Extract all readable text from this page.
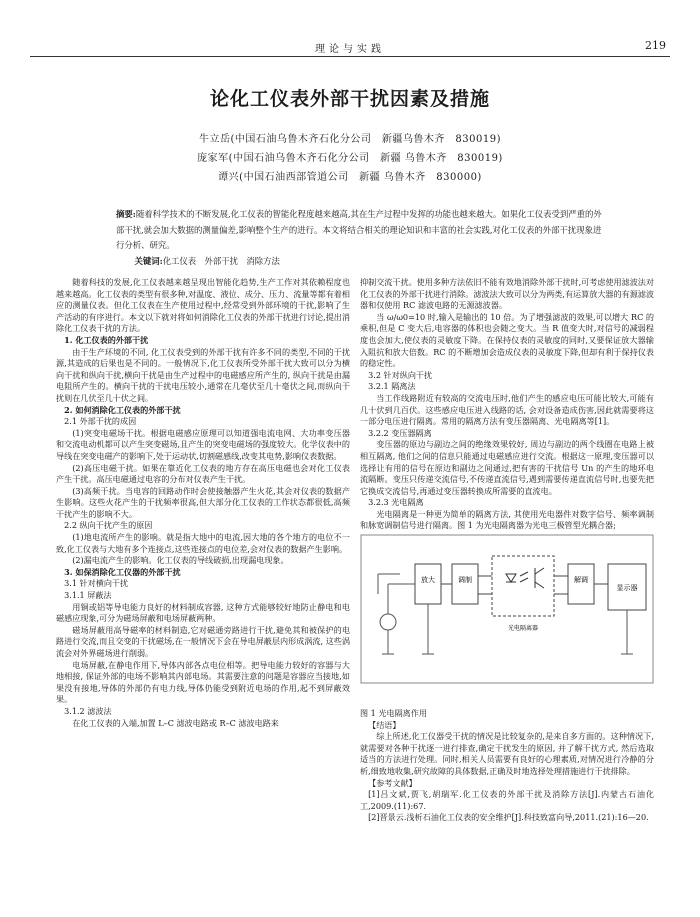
理论与实践	219
论化工仪表外部干扰因素及措施
牛立岳(中国石油乌鲁木齐石化分公司　新疆乌鲁木齐　830019)
庞家军(中国石油乌鲁木齐石化分公司　新疆 乌鲁木齐　830019)
谭兴(中国石油西部管道公司　新疆 乌鲁木齐　830000)
摘要:随着科学技术的不断发展,化工仪表的智能化程度越来越高,其在生产过程中发挥的功能也越来越大。如果化工仪表受到严重的外部干扰,就会加大数据的测量偏差,影响整个生产的进行。本文将结合相关的理论知识和丰富的社会实践,对化工仪表的外部干扰现象进行分析、研究。
关键词:化工仪表　外部干扰　消除方法

随着科技的发展,化工仪表越来越呈现出智能化趋势,生产工作对其依赖程度也越来越高。化工仪表的类型有很多种,对温度、液位、成分、压力、流量等都有着相应的测量仪表。但化工仪表在生产使用过程中,经常受到外部环境的干扰,影响了生产活动的有序进行。本文以下就对将如何消除化工仪表的外部干扰进行讨论,提出消除化工仪表干扰的方法。

1. 化工仪表的外部干扰

由于生产环境的不同, 化工仪表受到的外部干扰有许多不同的类型,不同的干扰源,其造成的后果也是不同的。一般情况下,化工仪表所受外部干扰大致可以分为横向干扰和纵向干扰,横向干扰是由生产过程中的电磁感应所产生的, 纵向干扰是由漏电阻所产生的。横向干扰的干扰电压较小,通常在几毫伏至几十毫伏之间,而纵向干扰则在几伏至几十伏之间。

2. 如何消除化工仪表的外部干扰

2.1 外部干扰的成因

(1)突变电磁场干扰。根据电磁感应原理可以知道强电流电网、大功率变压器和交流电动机都可以产生突变磁场,且产生的突变电磁场的强度较大。化学仪表中的导线在突变电磁产的影响下,处于运动状,切割磁感线,改变其电势,影响仪表数据。

(2)高压电磁干扰。如果在靠近化工仪表的地方存在高压电磁也会对化工仪表产生干扰。高压电磁通过电容的分布对仪表产生干扰。

(3)高频干扰。当电容的回路动作时会使接触器产生火花,其会对仪表的数据产生影响。这些火花产生的干扰频率很高,但大部分化工仪表的工作状态都很低,高频干扰产生的影响不大。

2.2 纵向干扰产生的原因

(1)地电流所产生的影响。就是指大地中的电流,因大地的各个地方的电位不一致,化工仪表与大地有多个连接点,这些连接点的电位差,会对仪表的数据产生影响。

(2)漏电流产生的影响。化工仪表的导线破损,出现漏电现象。

3. 如保消除化工仪器的外部干扰

3.1 针对横向干扰

3.1.1 屏蔽法

用铜或铝等导电能力良好的材料制成容器, 这种方式能够较好地防止静电和电磁感应现象,可分为磁场屏蔽和电场屏蔽两种。

磁场屏蔽用高导磁率的材料制造,它对磁通旁路进行干扰,避免其和被保护的电路进行交流,而且交变的干扰磁场,在一般情况下会在导电屏蔽层内形成涡流, 这些涡流会对外界磁场进行削弱。

电场屏蔽,在静电作用下,导体内部各点电位相等。把导电能力较好的容器与大地相接, 保证外部的电场不影响其内部电场。其需要注意的问题是容器应当接地,如果没有接地,导体的外部仍有电力线,导体仍能受到附近电场的作用,起不到屏蔽效果。

3.1.2 滤波法

在化工仪表的入端,加置 L–C 滤波电路或 R–C 滤波电路来

抑制交流干扰。使用多种方法依旧不能有效地消除外部干扰时,可考虑使用滤波法对化工仪表的外部干扰进行消除。滤波法大致可以分为两类,有运算放大器的有源滤波器和仅使用 RC 滤波电路的无源滤波器。

当 ω/ω0=10 时,输入是输出的 10 倍。为了增强滤波的效果,可以增大 RC 的乘积,但是 C 变大后,电容器的体积也会随之变大。当 R 值变大时,对信号的减弱程度也会加大,使仪表的灵敏度下降。在保持仪表的灵敏度的同时,又要保证放大器输入阻抗和放大倍数。RC 的不断增加会造成仪表的灵敏度下降,但却有利于保持仪表的稳定性。

3.2 针对纵向干扰

3.2.1 隔离法

当工作线路附近有较高的交流电压时,他们产生的感应电压可能比较大,可能有几十伏到几百伏。这些感应电压进入线路的话, 会对设备造成伤害,因此就需要将这一部分电压进行隔离。常用的隔离方法有变压器隔离、光电隔离等[1]。

3.2.2 变压器隔离

变压器的原边与副边之间的绝缘效果较好, 周边与副边的两个线圈在电路上被相互隔离, 他们之间的信息只能通过电磁感应进行交流。根据这一原理,变压器可以选择让有用的信号在原边和副边之间通过,把有害的干扰信号 Un 的产生的地环电流隔断。变压只传递交流信号,不传递直流信号,遇到需要传递直流信号时,也要先把它换成交流信号,再通过变压器转换成所需要的直流电。

3.2.3 光电隔离

光电隔离是一种更为简单的隔离方法, 其使用光电器件对数字信号、频率调制和脉宽调制信号进行隔离。图 1 为光电隔离器为光电三极管型光耦合器;

放大	调制
光电隔离器
解调
显示器

图 1 光电隔离作用

【结语】

综上所述,化工仪器受干扰的情况是比较复杂的,是来自多方面的。这种情况下,就需要对各种干扰逐一进行排查,确定干扰发生的原因, 并了解干扰方式, 然后选取适当的方法进行处理。同时,相关人员需要有良好的心理素质,对情况进行冷静的分析,细致地收集,研究故障的具体数据,正确及时地选择处理措施进行干扰排除。

【参考文献】

[1]吕文斌,贾飞,胡瑞军.化工仪表的外部干扰及消除方法[J].内蒙古石油化工,2009.(11):67.

[2]晋景云.浅析石油化工仪表的安全维护[J].科技致富向导,2011.(21):16—20.
